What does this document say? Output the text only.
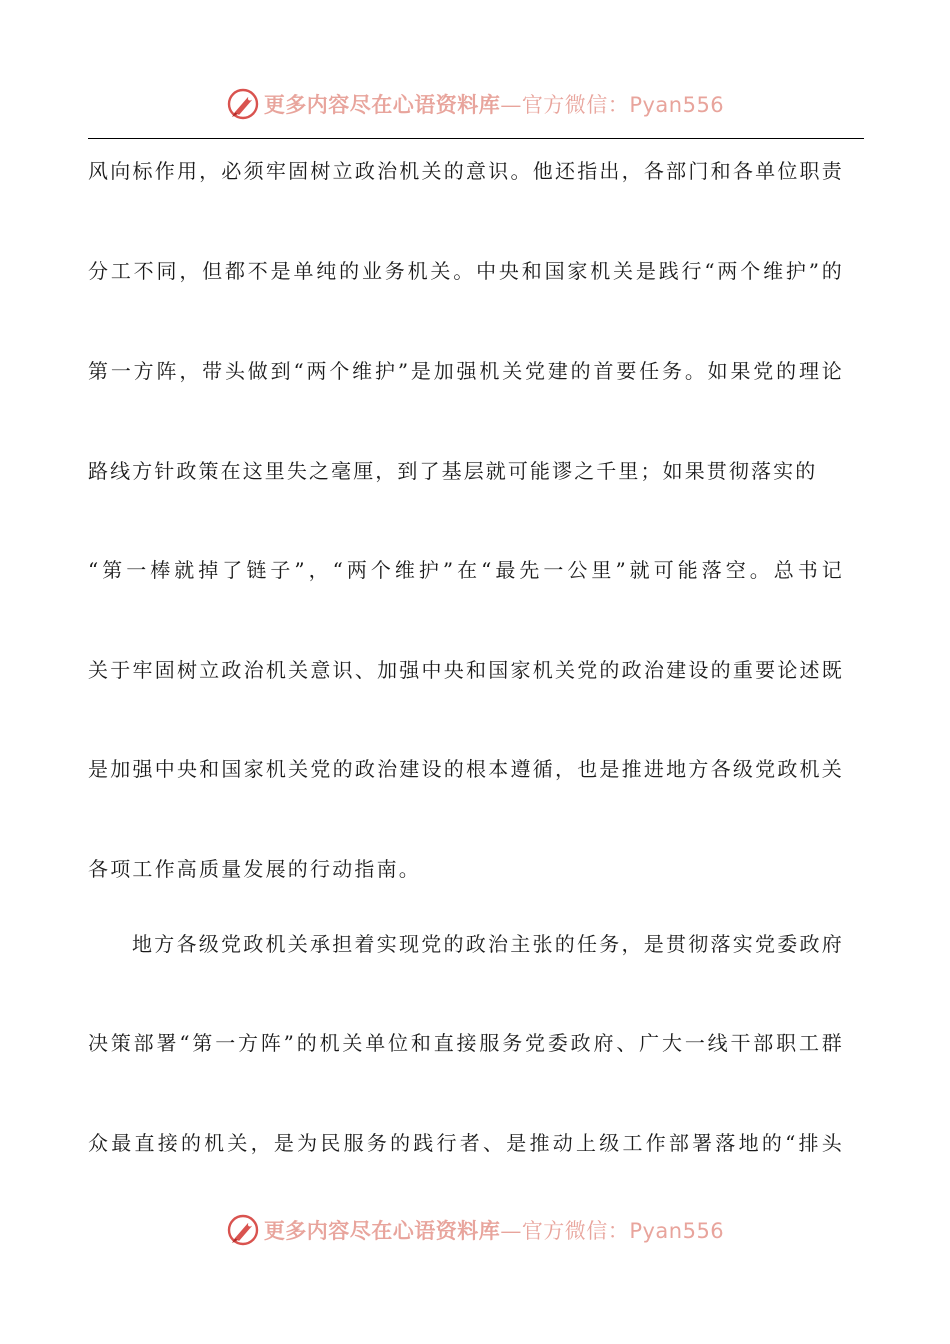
更多内容尽在心语资料库—官方微信：Pyan556
风向标作用，必须牢固树立政治机关的意识。他还指出，各部门和各单位职责
分工不同，但都不是单纯的业务机关。中央和国家机关是践行“两个维护”的
第一方阵，带头做到“两个维护”是加强机关党建的首要任务。如果党的理论
路线方针政策在这里失之毫厘，到了基层就可能谬之千里；如果贯彻落实的
“第一棒就掉了链子”，“两个维护”在“最先一公里”就可能落空。总书记
关于牢固树立政治机关意识、加强中央和国家机关党的政治建设的重要论述既
是加强中央和国家机关党的政治建设的根本遵循，也是推进地方各级党政机关
各项工作高质量发展的行动指南。
地方各级党政机关承担着实现党的政治主张的任务，是贯彻落实党委政府
决策部署“第一方阵”的机关单位和直接服务党委政府、广大一线干部职工群
众最直接的机关，是为民服务的践行者、是推动上级工作部署落地的“排头
更多内容尽在心语资料库—官方微信：Pyan556
